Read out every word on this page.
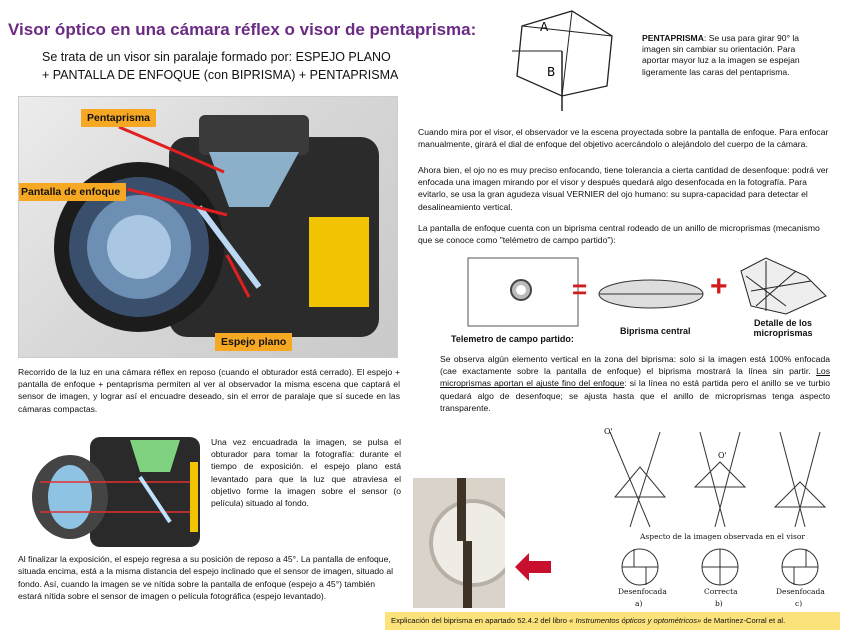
Visor óptico en una cámara réflex o visor de pentaprisma:
Se trata de un visor sin paralaje formado por: ESPEJO PLANO
+ PANTALLA DE ENFOQUE (con BIPRISMA) + PENTAPRISMA
Pentaprisma
Pantalla de enfoque
Espejo plano
A
B
PENTAPRISMA: Se usa para girar 90° la imagen sin cambiar su orientación. Para aportar mayor luz a la imagen se espejan ligeramente las caras del pentaprisma.
Cuando mira por el visor, el observador ve la escena proyectada sobre la pantalla de enfoque. Para enfocar manualmente, girará el dial de enfoque del objetivo acercándolo o alejándolo del cuerpo de la cámara.
Ahora bien, el ojo no es muy preciso enfocando, tiene tolerancia a cierta cantidad de desenfoque: podrá ver enfocada una imagen mirando por el visor y después quedará algo desenfocada en la fotografía. Para evitarlo, se usa la gran agudeza visual VERNIER del ojo humano: su supra-capacidad para detectar el desalineamiento vertical.
La pantalla de enfoque cuenta con un biprisma central rodeado de un anillo de microprismas (mecanismo que se conoce como "telémetro de campo partido"):
=	+
Telemetro de campo partido:
Biprisma central
Detalle de los microprismas
Se observa algún elemento vertical en la zona del biprisma: solo si la imagen está 100% enfocada (cae exactamente sobre la pantalla de enfoque) el biprisma mostrará la línea sin partir. Los microprismas aportan el ajuste fino del enfoque: si la línea no está partida pero el anillo se ve turbio quedará algo de desenfoque; se ajusta hasta que el anillo de microprismas tenga aspecto transparente.
Recorrido de la luz en una cámara réflex en reposo (cuando el obturador está cerrado). El espejo + pantalla de enfoque + pentaprisma permiten al ver al observador la misma escena que captará el sensor de imagen, y lograr así el encuadre deseado, sin el error de paralaje que sí sucede en las cámaras compactas.
Una vez encuadrada la imagen, se pulsa el obturador para tomar la fotografía: durante el tiempo de exposición. el espejo plano está levantado para que la luz que atraviesa el objetivo forme la imagen sobre el sensor (o película) situado al fondo.
Al finalizar la exposición, el espejo regresa a su posición de reposo a 45°. La pantalla de enfoque, situada encima, está a la misma distancia del espejo inclinado que el sensor de imagen, situado al fondo. Así, cuando la imagen se ve nítida sobre la pantalla de enfoque (espejo a 45°) también estará nítida sobre el sensor de imagen o película fotográfica (espejo levantado).
O'
O'
Aspecto de la imagen observada en el visor
Desenfocada	Correcta	Desenfocada
a)	b)	c)
Explicación del biprisma en apartado 52.4.2 del libro « Instrumentos ópticos y optométricos» de Martínez-Corral et al.
